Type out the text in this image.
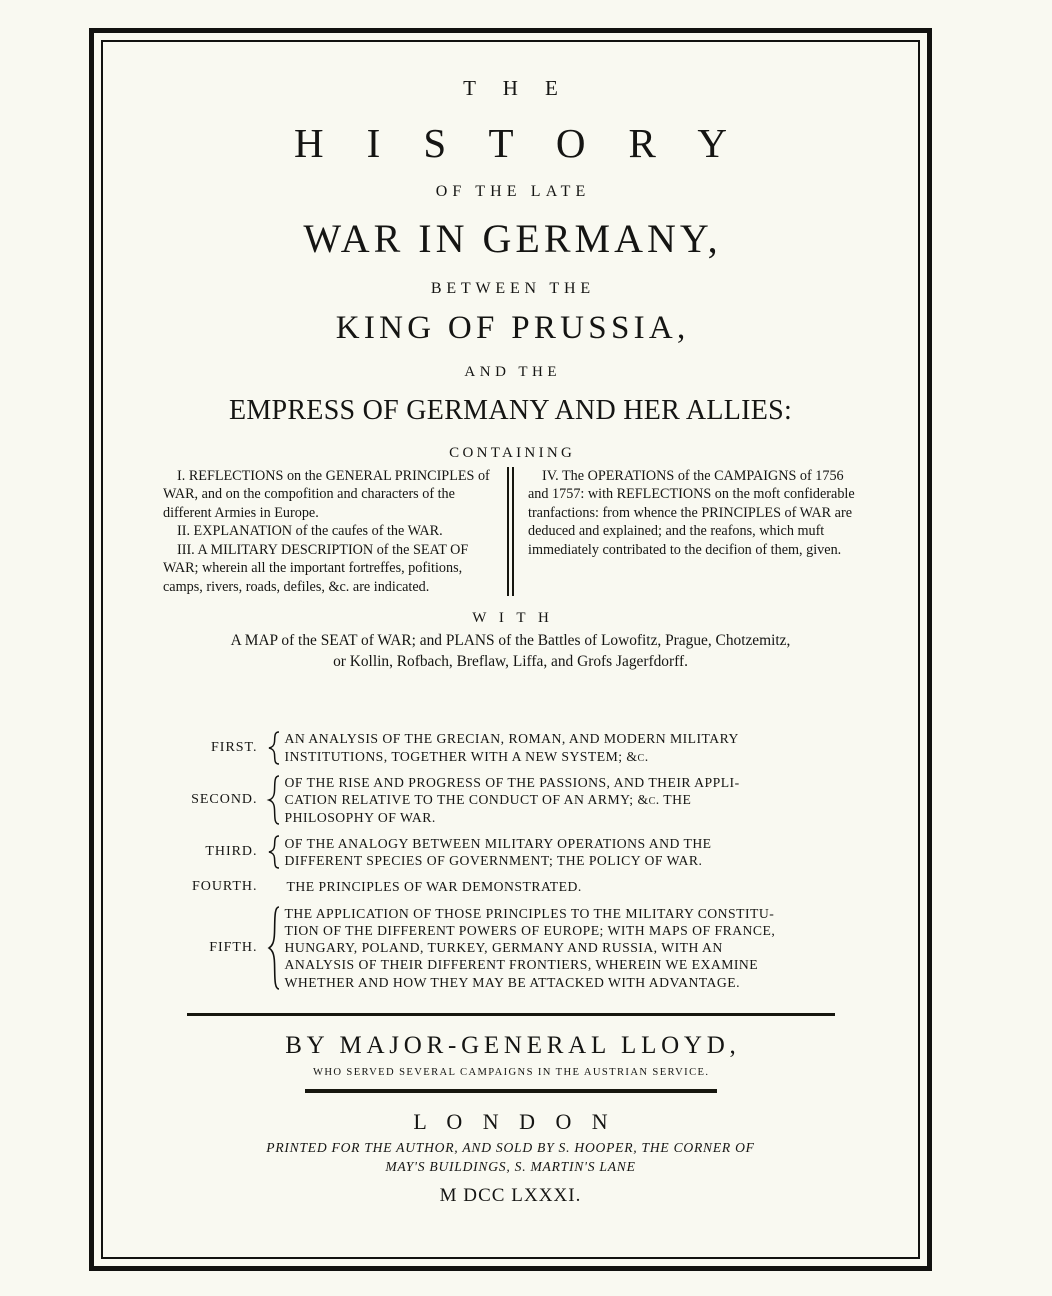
T H E
H I S T O R Y
OF THE LATE
WAR IN GERMANY,
BETWEEN THE
KING OF PRUSSIA,
AND THE
EMPRESS OF GERMANY AND HER ALLIES:
CONTAINING

I. REFLECTIONS on the GENERAL PRINCIPLES of WAR, and on the compofition and characters of the different Armies in Europe.

II. EXPLANATION of the caufes of the WAR.

III. A MILITARY DESCRIPTION of the SEAT OF WAR; wherein all the important fortreffes, pofitions, camps, rivers, roads, defiles, &c. are indicated.

IV. The OPERATIONS of the CAMPAIGNS of 1756 and 1757: with REFLECTIONS on the moft confiderable tranfactions: from whence the PRINCIPLES of WAR are deduced and explained; and the reafons, which muft immediately contribated to the decifion of them, given.

W I T H
A MAP of the SEAT of WAR; and PLANS of the Battles of Lowofitz, Prague, Chotzemitz,
or Kollin, Rofbach, Breflaw, Liffa, and Grofs Jagerfdorff.
FIRST.
AN ANALYSIS OF THE GRECIAN, ROMAN, AND MODERN MILITARY
INSTITUTIONS, TOGETHER WITH A NEW SYSTEM; &c.
SECOND.
OF THE RISE AND PROGRESS OF THE PASSIONS, AND THEIR APPLI-
CATION RELATIVE TO THE CONDUCT OF AN ARMY; &c. THE
PHILOSOPHY OF WAR.
THIRD.
OF THE ANALOGY BETWEEN MILITARY OPERATIONS AND THE
DIFFERENT SPECIES OF GOVERNMENT; THE POLICY OF WAR.
FOURTH.	THE PRINCIPLES OF WAR DEMONSTRATED.
FIFTH.
THE APPLICATION OF THOSE PRINCIPLES TO THE MILITARY CONSTITU-
TION OF THE DIFFERENT POWERS OF EUROPE; WITH MAPS OF FRANCE,
HUNGARY, POLAND, TURKEY, GERMANY AND RUSSIA, WITH AN
ANALYSIS OF THEIR DIFFERENT FRONTIERS, WHEREIN WE EXAMINE
WHETHER AND HOW THEY MAY BE ATTACKED WITH ADVANTAGE.
BY MAJOR-GENERAL LLOYD,
WHO SERVED SEVERAL CAMPAIGNS IN THE AUSTRIAN SERVICE.
L O N D O N
PRINTED FOR THE AUTHOR, AND SOLD BY S. HOOPER, THE CORNER OF
MAY'S BUILDINGS, S. MARTIN'S LANE
M DCC LXXXI.
